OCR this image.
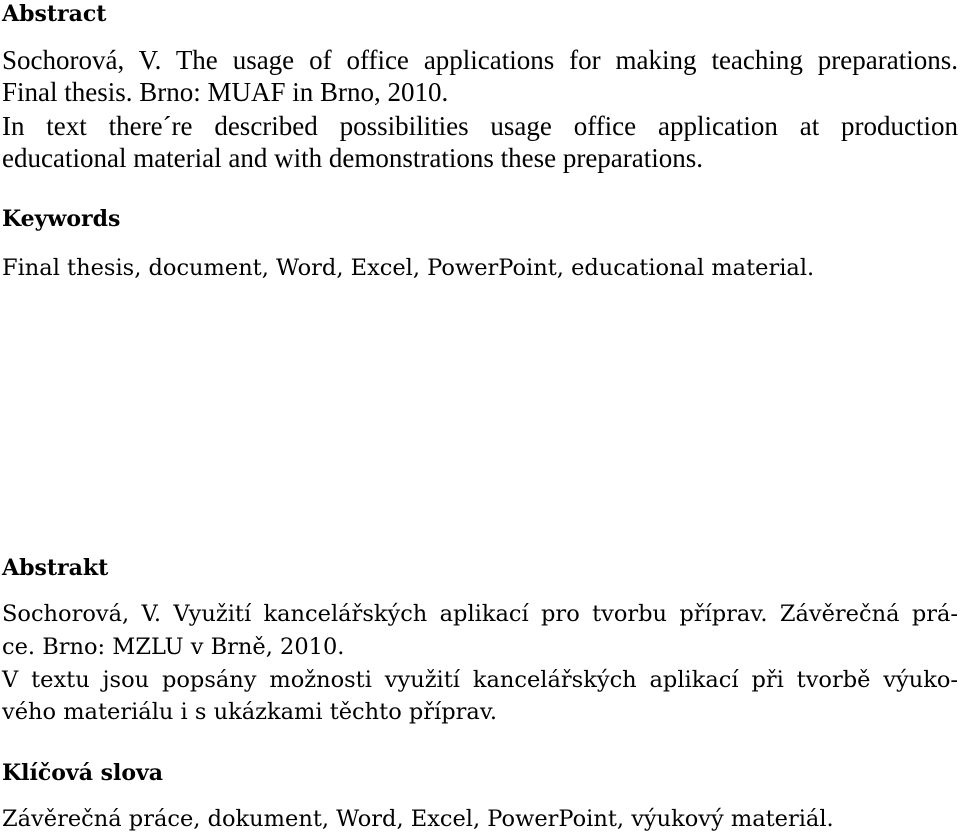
Abstract
Sochorová, V. The usage of office applications for making teaching preparations.
Final thesis. Brno: MUAF in Brno, 2010.
In text there´re described possibilities usage office application at production
educational material and with demonstrations these preparations.
Keywords
Final thesis, document, Word, Excel, PowerPoint, educational material.
Abstrakt
Sochorová, V. Využití kancelářských aplikací pro tvorbu příprav. Závěrečná prá-
ce. Brno: MZLU v Brně, 2010.
V textu jsou popsány možnosti využití kancelářských aplikací při tvorbě výuko-
vého materiálu i s ukázkami těchto příprav.
Klíčová slova
Závěrečná práce, dokument, Word, Excel, PowerPoint, výukový materiál.
